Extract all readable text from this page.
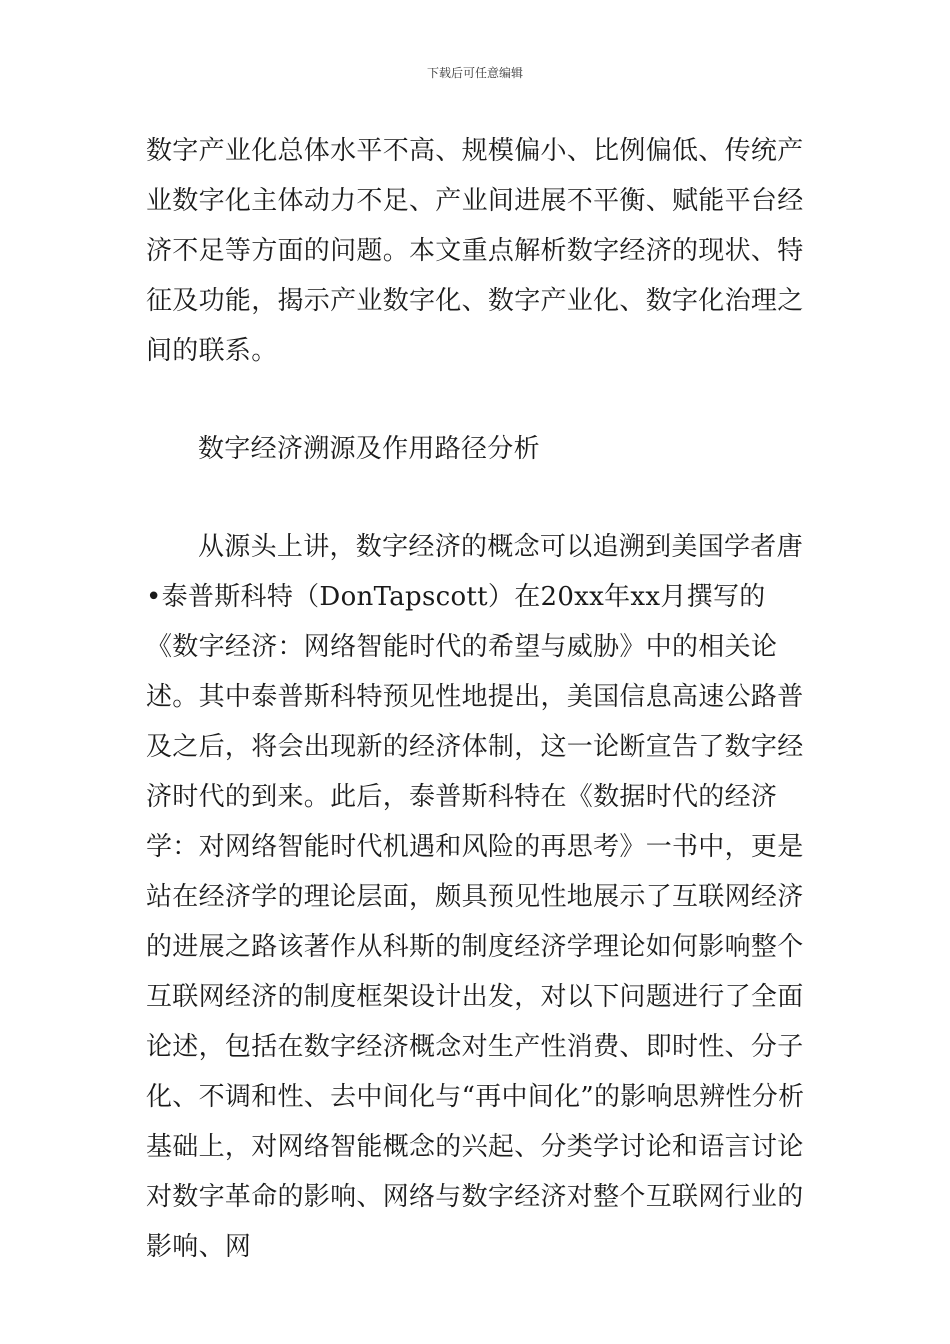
下载后可任意编辑

数字产业化总体水平不高、规模偏小、比例偏低、传统产业数字化主体动力不足、产业间进展不平衡、赋能平台经济不足等方面的问题。本文重点解析数字经济的现状、特征及功能，揭示产业数字化、数字产业化、数字化治理之间的联系。

数字经济溯源及作用路径分析

从源头上讲，数字经济的概念可以追溯到美国学者唐•泰普斯科特（DonTapscott）在20xx年xx月撰写的《数字经济：网络智能时代的希望与威胁》中的相关论述。其中泰普斯科特预见性地提出，美国信息高速公路普及之后，将会出现新的经济体制，这一论断宣告了数字经济时代的到来。此后，泰普斯科特在《数据时代的经济学：对网络智能时代机遇和风险的再思考》一书中，更是站在经济学的理论层面，颇具预见性地展示了互联网经济的进展之路该著作从科斯的制度经济学理论如何影响整个互联网经济的制度框架设计出发，对以下问题进行了全面论述，包括在数字经济概念对生产性消费、即时性、分子化、不调和性、去中间化与“再中间化”的影响思辨性分析基础上，对网络智能概念的兴起、分类学讨论和语言讨论对数字革命的影响、网络与数字经济对整个互联网行业的影响、网
